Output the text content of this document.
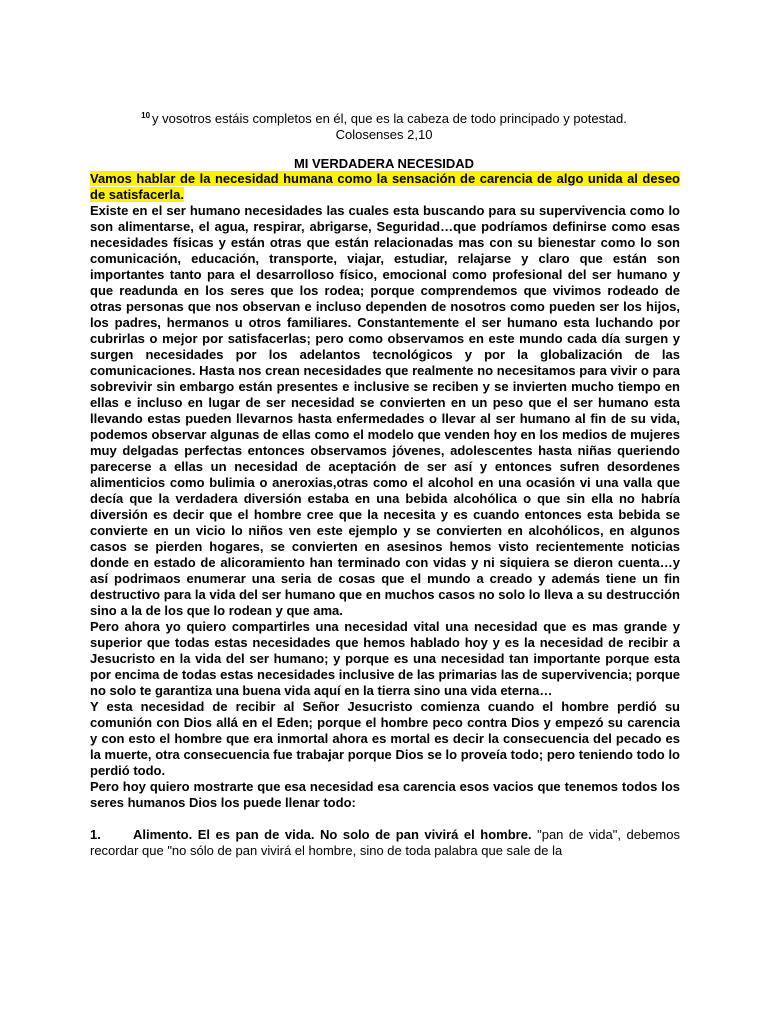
$^{10}$ y vosotros estáis completos en él, que es la cabeza de todo principado y potestad.
Colosenses 2,10
MI VERDADERA NECESIDAD

Vamos hablar de la necesidad humana como la sensación de carencia de algo unida al deseo de satisfacerla.

Existe en el ser humano necesidades las cuales esta buscando para su supervivencia como lo son alimentarse, el agua, respirar, abrigarse, Seguridad…que podríamos definirse como esas necesidades físicas y están otras que están relacionadas mas con su bienestar como lo son comunicación, educación, transporte, viajar, estudiar, relajarse y claro que están son importantes tanto para el desarrolloso físico, emocional como profesional del ser humano y que readunda en los seres que los rodea; porque comprendemos que vivimos rodeado de otras personas que nos observan e incluso dependen de nosotros como pueden ser los hijos, los padres, hermanos u otros familiares. Constantemente el ser humano esta luchando por cubrirlas o mejor por satisfacerlas; pero como observamos en este mundo cada día surgen y surgen necesidades por los adelantos tecnológicos y por la globalización de las comunicaciones. Hasta nos crean necesidades que realmente no necesitamos para vivir o para sobrevivir sin embargo están presentes e inclusive se reciben y se invierten mucho tiempo en ellas e incluso en lugar de ser necesidad se convierten en un peso que el ser humano esta llevando estas pueden llevarnos hasta enfermedades o llevar al ser humano al fin de su vida, podemos observar algunas de ellas como el modelo que venden hoy en los medios de mujeres muy delgadas perfectas entonces observamos jóvenes, adolescentes hasta niñas queriendo parecerse a ellas un necesidad de aceptación de ser así y entonces sufren desordenes alimenticios como bulimia o aneroxias,otras como el alcohol en una ocasión vi una valla que decía que la verdadera diversión estaba en una bebida alcohólica o que sin ella no habría diversión es decir que el hombre cree que la necesita y es cuando entonces esta bebida se convierte en un vicio lo niños ven este ejemplo y se convierten en alcohólicos, en algunos casos se pierden hogares, se convierten en asesinos hemos visto recientemente noticias donde en estado de alicoramiento han terminado con vidas y ni siquiera se dieron cuenta…y así podrimaos enumerar una seria de cosas que el mundo a creado y además tiene un fin destructivo para la vida del ser humano que en muchos casos no solo lo lleva a su destrucción sino a la de los que lo rodean y que ama.

Pero ahora yo quiero compartirles una necesidad vital una necesidad que es mas grande y superior que todas estas necesidades que hemos hablado hoy y es la necesidad de recibir a Jesucristo en la vida del ser humano; y porque es una necesidad tan importante porque esta por encima de todas estas necesidades inclusive de las primarias las de supervivencia; porque no solo te garantiza una buena vida aquí en la tierra sino una vida eterna…

Y esta necesidad de recibir al Señor Jesucristo comienza cuando el hombre perdió su comunión con Dios allá en el Eden; porque el hombre peco contra Dios y empezó su carencia y con esto el hombre que era inmortal ahora es mortal es decir la consecuencia del pecado es la muerte, otra consecuencia fue trabajar porque Dios se lo proveía todo; pero teniendo todo lo perdió todo.

Pero hoy quiero mostrarte que esa necesidad esa carencia esos vacios que tenemos todos los seres humanos Dios los puede llenar todo:

1. Alimento. El es pan de vida. No solo de pan vivirá el hombre. "pan de vida", debemos recordar que "no sólo de pan vivirá el hombre, sino de toda palabra que sale de la
